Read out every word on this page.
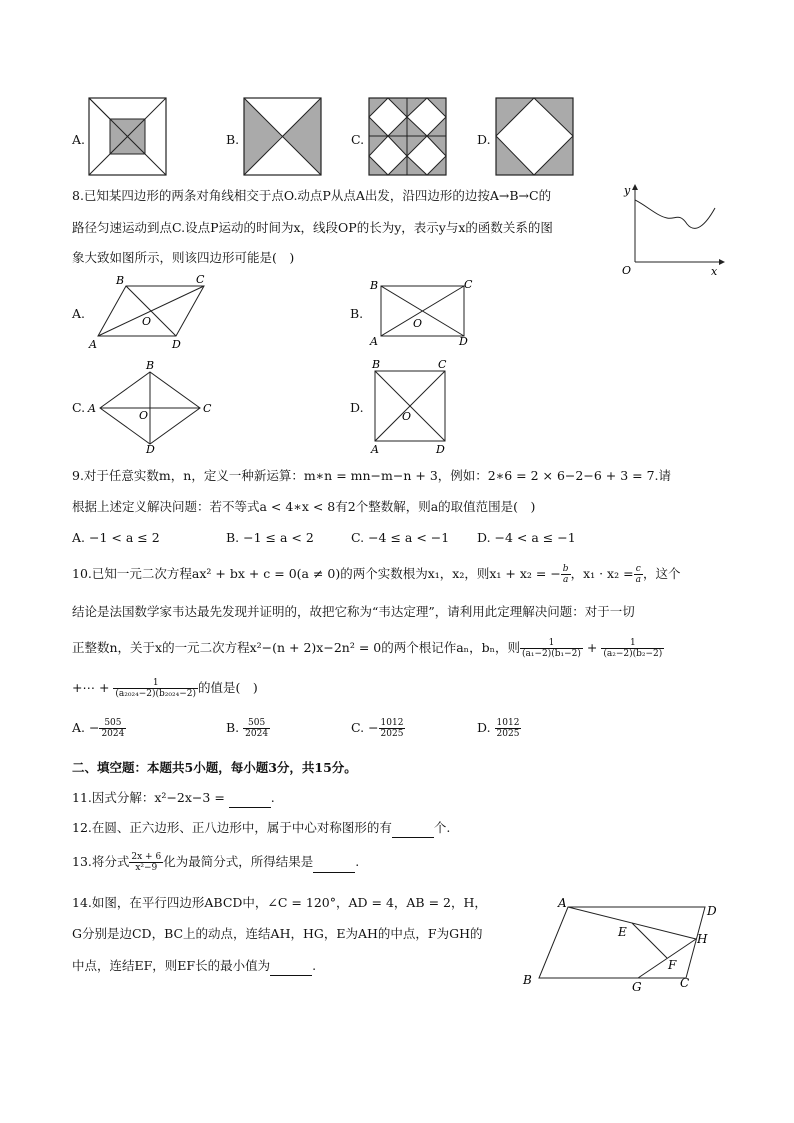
A.	B.	C.	D.
8.已知某四边形的两条对角线相交于点O.动点P从点A出发，沿四边形的边按A→B→C的
路径匀速运动到点C.设点P运动的时间为x，线段OP的长为y，表示y与x的函数关系的图
象大致如图所示，则该四边形可能是(　)
y
x
O
A.
B	C
A	D
O
B.
B	C
A	D
O
C. A
B
C
D
O
D.
B	C
A	D
O
9.对于任意实数m，n，定义一种新运算：m∗n = mn−m−n + 3，例如：2∗6 = 2 × 6−2−6 + 3 = 7.请
根据上述定义解决问题：若不等式a < 4∗x < 8有2个整数解，则a的取值范围是(　)
A. −1 < a ≤ 2	B. −1 ≤ a < 2	C. −4 ≤ a < −1 D. −4 < a ≤ −1
10.已知一元二次方程ax² + bx + c = 0(a ≠ 0)的两个实数根为x₁，x₂，则x₁ + x₂ = − $\frac{b}{a}$ ，$x_1 \cdot x_2 = \frac{c}{a}$ ，这个
结论是法国数学家韦达最先发现并证明的，故把它称为“韦达定理”，请利用此定理解决问题：对于一切
正整数n，关于x的一元二次方程x²−(n + 2)x−2n² = 0的两个根记作aₙ，bₙ，则 $\frac{1}{\text{(a₁−2)(b₁−2)}} + \frac{1}{\text{(a₂−2)(b₂−2)}}$
+⋯ + $\frac{1}{\text{(a₂₀₂₄−2)(b₂₀₂₄−2)}}$ 的值是(　)
A. − $\frac{505}{2024}$	B. $\frac{505}{2024}$	C. − $\frac{1012}{2025}$	D. $\frac{1012}{2025}$
二、填空题：本题共5小题，每小题3分，共15分。
11.因式分解：x²−2x−3 =	.
12.在圆、正六边形、正八边形中，属于中心对称图形的有	个.
13.将分式 $\frac{2x + 6}{\text{x²−9}}$ 化为最简分式，所得结果是	.
14.如图，在平行四边形ABCD中，∠C = 120°，AD = 4，AB = 2，H，
G分别是边CD，BC上的动点，连结AH，HG，E为AH的中点，F为GH的
中点，连结EF，则EF长的最小值为	.
A
D
E	H
F
B	G	C
